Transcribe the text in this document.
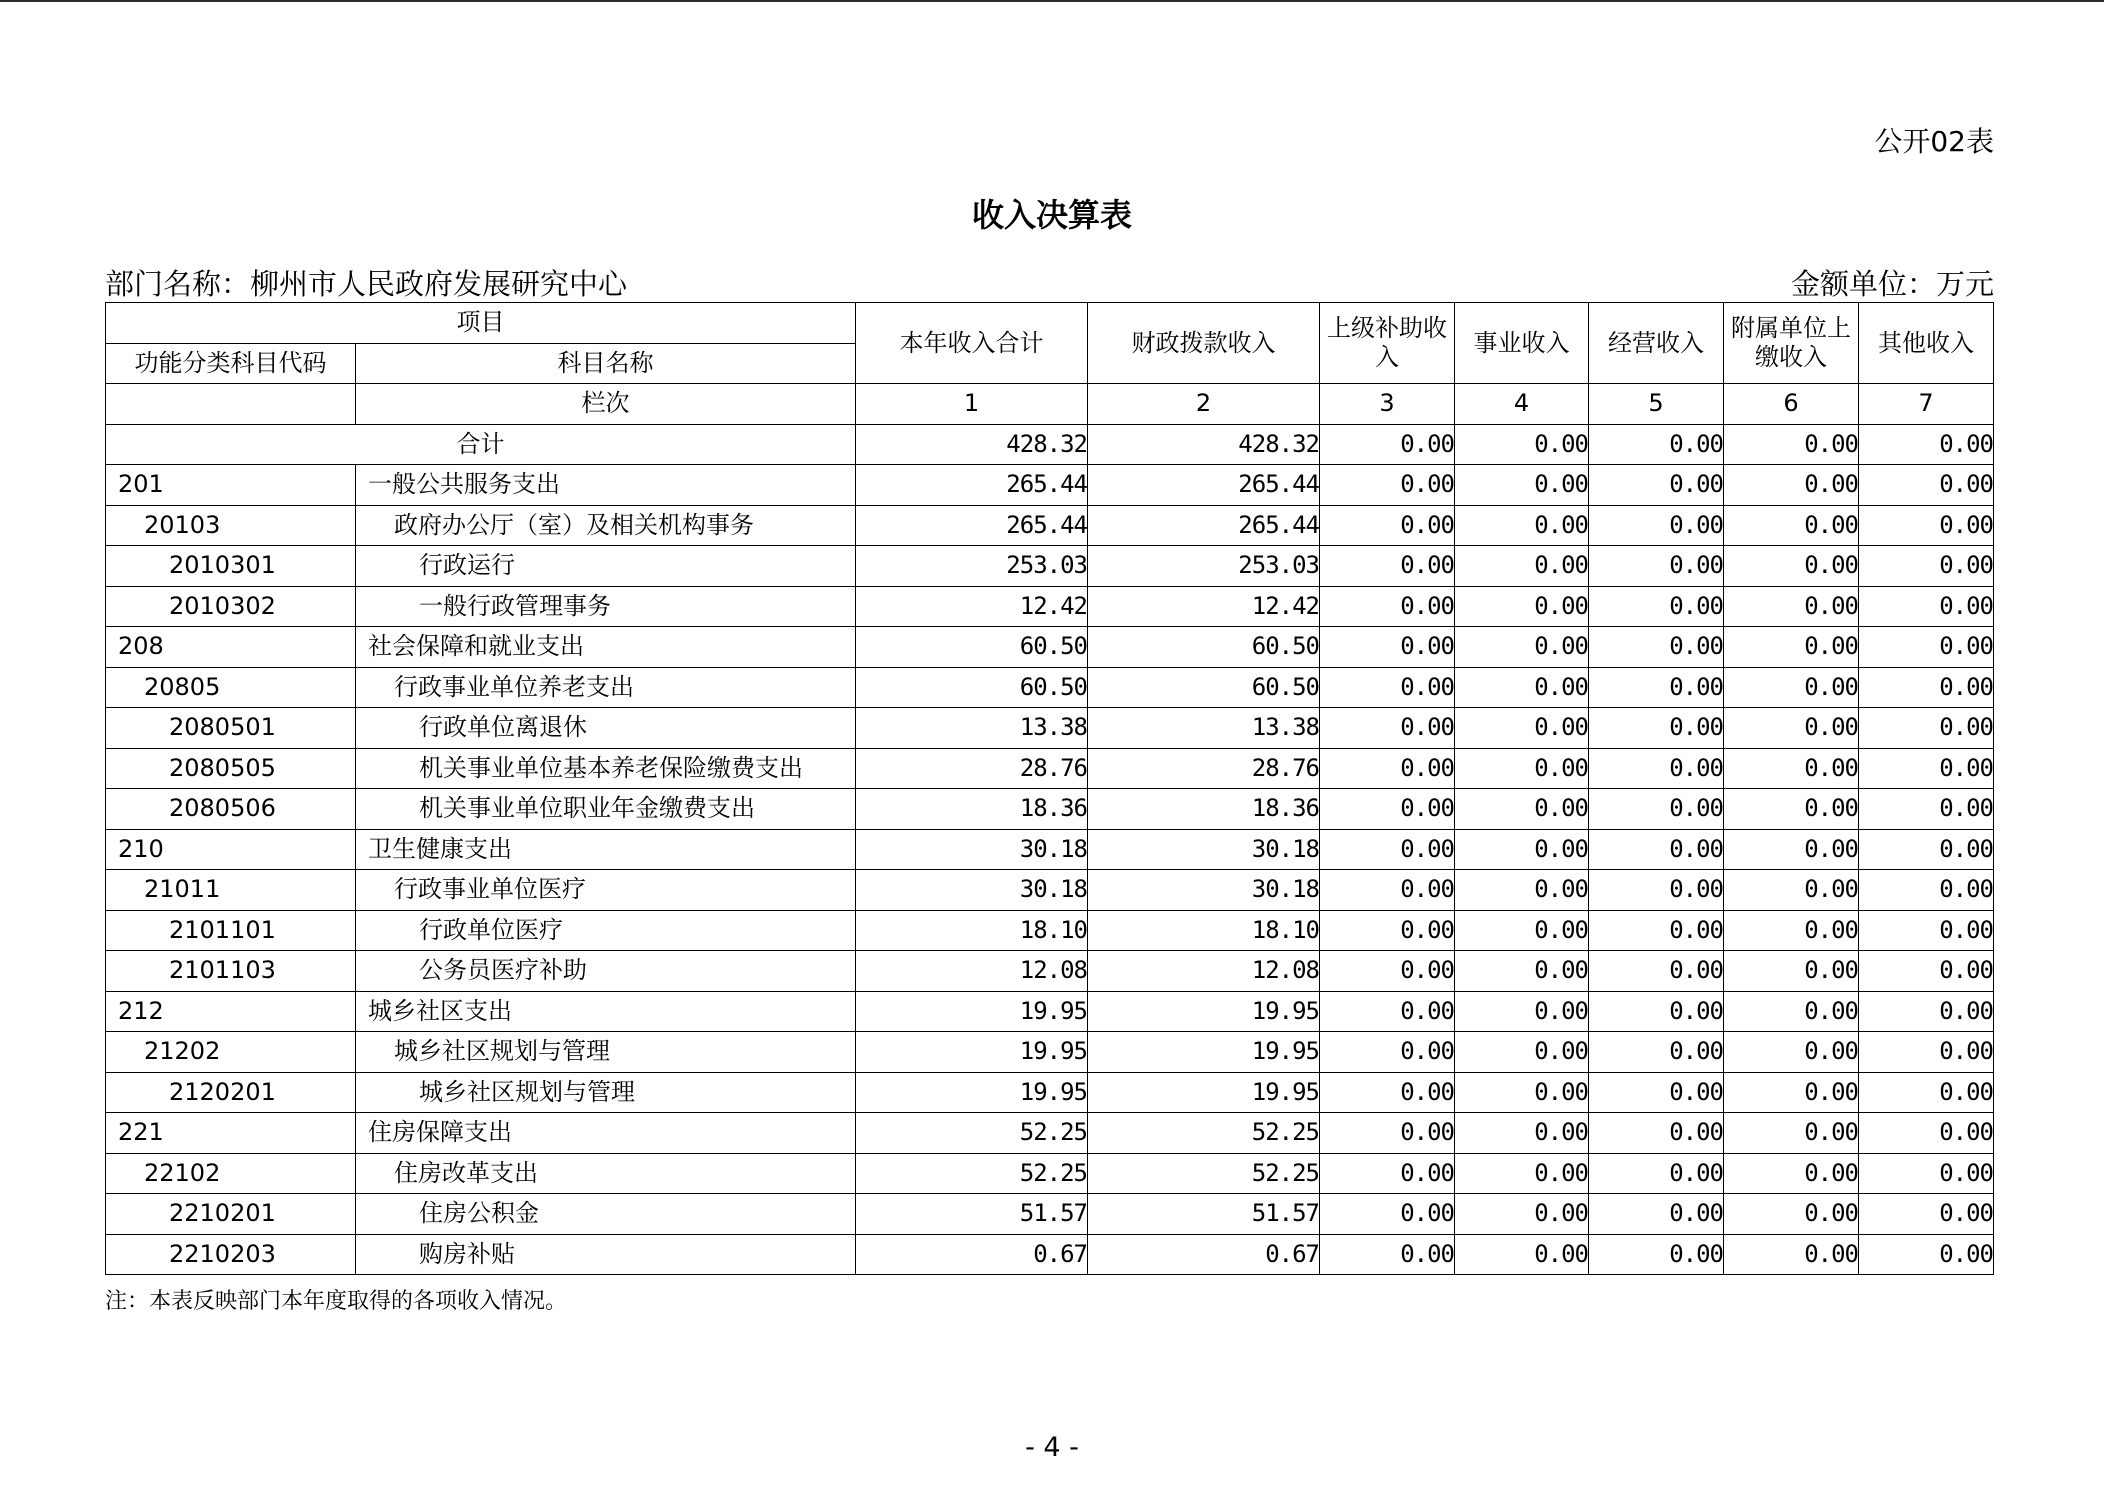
公开02表
收入决算表
部门名称：柳州市人民政府发展研究中心	金额单位：万元
项目		本年收入合计	财政拨款收入	上级补助收入	事业收入	经营收入	附属单位上缴收入	其他收入
功能分类科目代码	科目名称							
	栏次	1	2	3	4	5	6	7
合计		428.32	428.32	0.00	0.00	0.00	0.00	0.00
201	一般公共服务支出	265.44	265.44	0.00	0.00	0.00	0.00	0.00
20103	政府办公厅（室）及相关机构事务	265.44	265.44	0.00	0.00	0.00	0.00	0.00
2010301	行政运行	253.03	253.03	0.00	0.00	0.00	0.00	0.00
2010302	一般行政管理事务	12.42	12.42	0.00	0.00	0.00	0.00	0.00
208	社会保障和就业支出	60.50	60.50	0.00	0.00	0.00	0.00	0.00
20805	行政事业单位养老支出	60.50	60.50	0.00	0.00	0.00	0.00	0.00
2080501	行政单位离退休	13.38	13.38	0.00	0.00	0.00	0.00	0.00
2080505	机关事业单位基本养老保险缴费支出	28.76	28.76	0.00	0.00	0.00	0.00	0.00
2080506	机关事业单位职业年金缴费支出	18.36	18.36	0.00	0.00	0.00	0.00	0.00
210	卫生健康支出	30.18	30.18	0.00	0.00	0.00	0.00	0.00
21011	行政事业单位医疗	30.18	30.18	0.00	0.00	0.00	0.00	0.00
2101101	行政单位医疗	18.10	18.10	0.00	0.00	0.00	0.00	0.00
2101103	公务员医疗补助	12.08	12.08	0.00	0.00	0.00	0.00	0.00
212	城乡社区支出	19.95	19.95	0.00	0.00	0.00	0.00	0.00
21202	城乡社区规划与管理	19.95	19.95	0.00	0.00	0.00	0.00	0.00
2120201	城乡社区规划与管理	19.95	19.95	0.00	0.00	0.00	0.00	0.00
221	住房保障支出	52.25	52.25	0.00	0.00	0.00	0.00	0.00
22102	住房改革支出	52.25	52.25	0.00	0.00	0.00	0.00	0.00
2210201	住房公积金	51.57	51.57	0.00	0.00	0.00	0.00	0.00
2210203	购房补贴	0.67	0.67	0.00	0.00	0.00	0.00	0.00
注：本表反映部门本年度取得的各项收入情况。
- 4 -
